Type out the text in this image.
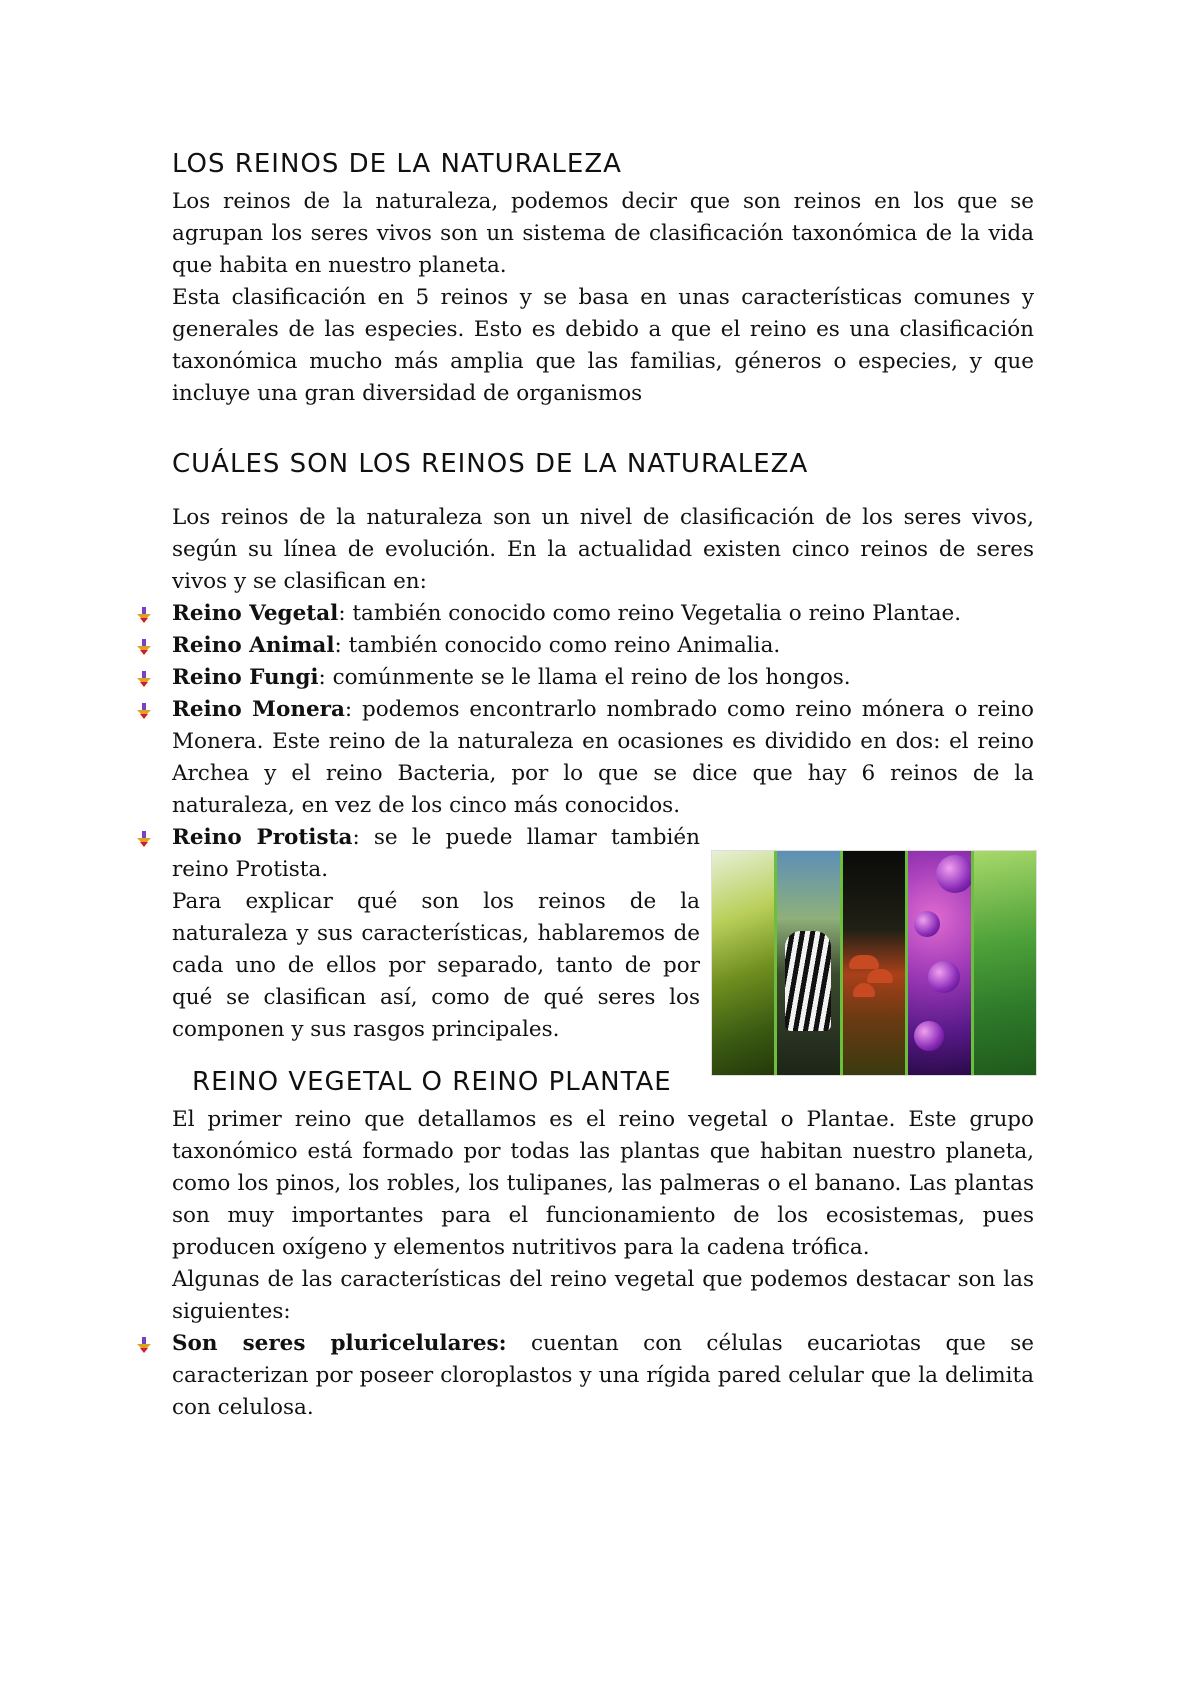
LOS REINOS DE LA NATURALEZA

Los reinos de la naturaleza, podemos decir que son reinos en los que se agrupan los seres vivos son un sistema de clasificación taxonómica de la vida que habita en nuestro planeta.

Esta clasificación en 5 reinos y se basa en unas características comunes y generales de las especies. Esto es debido a que el reino es una clasificación taxonómica mucho más amplia que las familias, géneros o especies, y que incluye una gran diversidad de organismos

CUÁLES SON LOS REINOS DE LA NATURALEZA

Los reinos de la naturaleza son un nivel de clasificación de los seres vivos, según su línea de evolución. En la actualidad existen cinco reinos de seres vivos y se clasifican en:

Reino Vegetal: también conocido como reino Vegetalia o reino Plantae.
Reino Animal: también conocido como reino Animalia.
Reino Fungi: comúnmente se le llama el reino de los hongos.
Reino Monera: podemos encontrarlo nombrado como reino mónera o reino Monera. Este reino de la naturaleza en ocasiones es dividido en dos: el reino Archea y el reino Bacteria, por lo que se dice que hay 6 reinos de la naturaleza, en vez de los cinco más conocidos.
Reino Protista: se le puede llamar también reino Protista.

Para explicar qué son los reinos de la naturaleza y sus características, hablaremos de cada uno de ellos por separado, tanto de por qué se clasifican así, como de qué seres los componen y sus rasgos principales.

REINO VEGETAL O REINO PLANTAE

El primer reino que detallamos es el reino vegetal o Plantae. Este grupo taxonómico está formado por todas las plantas que habitan nuestro planeta, como los pinos, los robles, los tulipanes, las palmeras o el banano. Las plantas son muy importantes para el funcionamiento de los ecosistemas, pues producen oxígeno y elementos nutritivos para la cadena trófica.

Algunas de las características del reino vegetal que podemos destacar son las siguientes:

Son seres pluricelulares: cuentan con células eucariotas que se caracterizan por poseer cloroplastos y una rígida pared celular que la delimita con celulosa.
